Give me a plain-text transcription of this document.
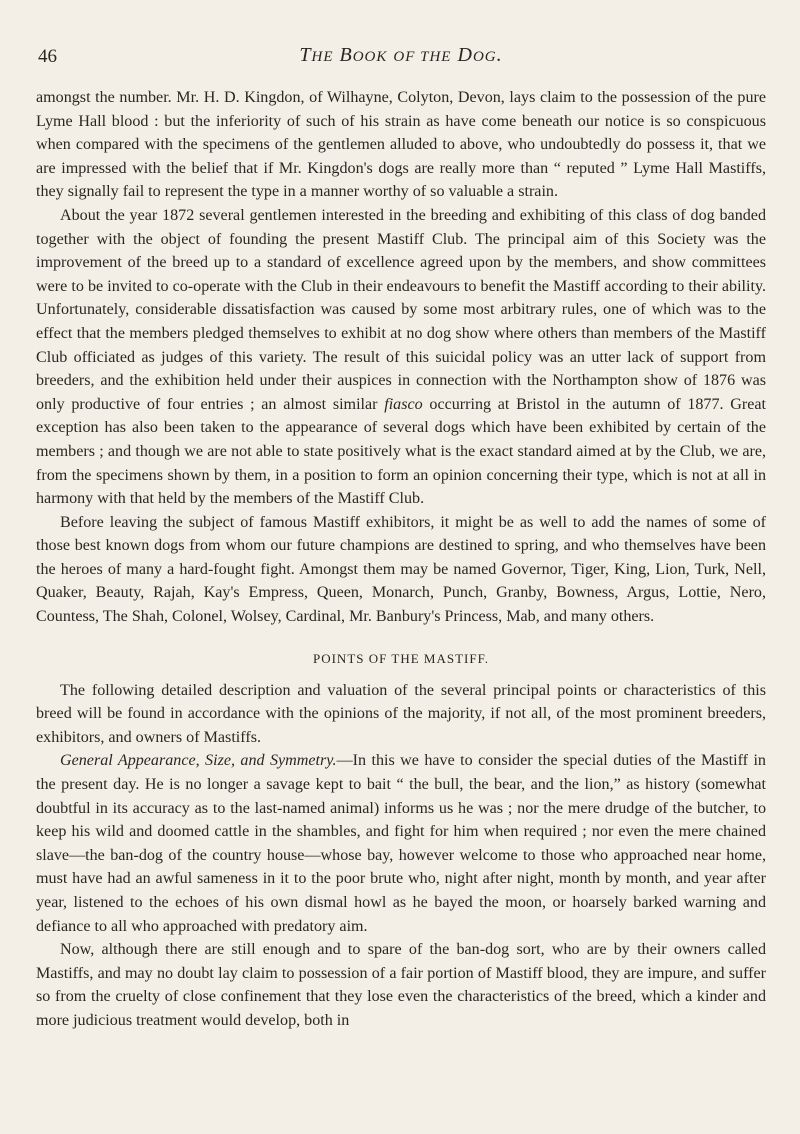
46	THE BOOK OF THE DOG.

amongst the number. Mr. H. D. Kingdon, of Wilhayne, Colyton, Devon, lays claim to the possession of the pure Lyme Hall blood : but the inferiority of such of his strain as have come beneath our notice is so conspicuous when compared with the specimens of the gentlemen alluded to above, who undoubtedly do possess it, that we are impressed with the belief that if Mr. Kingdon's dogs are really more than “ reputed ” Lyme Hall Mastiffs, they signally fail to represent the type in a manner worthy of so valuable a strain.

About the year 1872 several gentlemen interested in the breeding and exhibiting of this class of dog banded together with the object of founding the present Mastiff Club. The principal aim of this Society was the improvement of the breed up to a standard of excellence agreed upon by the members, and show committees were to be invited to co-operate with the Club in their endeavours to benefit the Mastiff according to their ability. Unfortunately, considerable dissatisfaction was caused by some most arbitrary rules, one of which was to the effect that the members pledged themselves to exhibit at no dog show where others than members of the Mastiff Club officiated as judges of this variety. The result of this suicidal policy was an utter lack of support from breeders, and the exhibition held under their auspices in connection with the Northampton show of 1876 was only productive of four entries ; an almost similar fiasco occurring at Bristol in the autumn of 1877. Great exception has also been taken to the appearance of several dogs which have been exhibited by certain of the members ; and though we are not able to state positively what is the exact standard aimed at by the Club, we are, from the specimens shown by them, in a position to form an opinion concerning their type, which is not at all in harmony with that held by the members of the Mastiff Club.

Before leaving the subject of famous Mastiff exhibitors, it might be as well to add the names of some of those best known dogs from whom our future champions are destined to spring, and who themselves have been the heroes of many a hard-fought fight. Amongst them may be named Governor, Tiger, King, Lion, Turk, Nell, Quaker, Beauty, Rajah, Kay's Empress, Queen, Monarch, Punch, Granby, Bowness, Argus, Lottie, Nero, Countess, The Shah, Colonel, Wolsey, Cardinal, Mr. Banbury's Princess, Mab, and many others.

POINTS OF THE MASTIFF.

The following detailed description and valuation of the several principal points or characteristics of this breed will be found in accordance with the opinions of the majority, if not all, of the most prominent breeders, exhibitors, and owners of Mastiffs.

General Appearance, Size, and Symmetry.—In this we have to consider the special duties of the Mastiff in the present day. He is no longer a savage kept to bait “ the bull, the bear, and the lion,” as history (somewhat doubtful in its accuracy as to the last-named animal) informs us he was ; nor the mere drudge of the butcher, to keep his wild and doomed cattle in the shambles, and fight for him when required ; nor even the mere chained slave—the ban-dog of the country house—whose bay, however welcome to those who approached near home, must have had an awful sameness in it to the poor brute who, night after night, month by month, and year after year, listened to the echoes of his own dismal howl as he bayed the moon, or hoarsely barked warning and defiance to all who approached with predatory aim.

Now, although there are still enough and to spare of the ban-dog sort, who are by their owners called Mastiffs, and may no doubt lay claim to possession of a fair portion of Mastiff blood, they are impure, and suffer so from the cruelty of close confinement that they lose even the characteristics of the breed, which a kinder and more judicious treatment would develop, both in
